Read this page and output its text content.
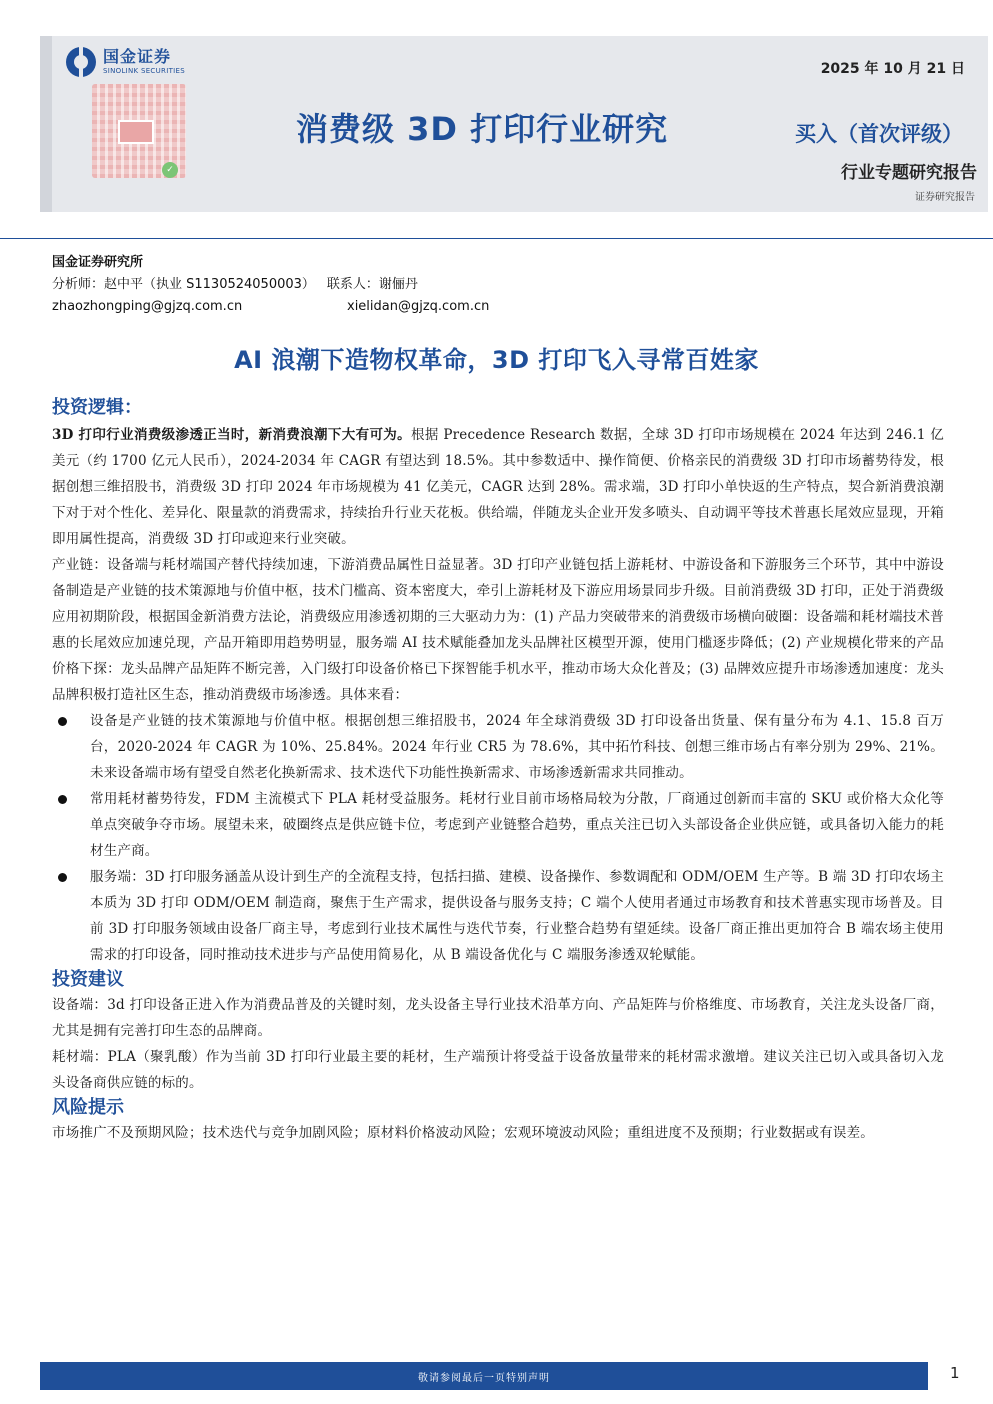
国金证券
SINOLINK SECURITIES
✓
2025 年 10 月 21 日
消费级 3D 打印行业研究	买入（首次评级）
行业专题研究报告
证券研究报告
国金证券研究所
分析师：赵中平（执业 S1130524050003） 联系人：谢俪丹
zhaozhongping@gjzq.com.cn	xielidan@gjzq.com.cn
AI 浪潮下造物权革命，3D 打印飞入寻常百姓家
投资逻辑：

3D 打印行业消费级渗透正当时，新消费浪潮下大有可为。根据 Precedence Research 数据，全球 3D 打印市场规模在 2024 年达到 246.1 亿美元（约 1700 亿元人民币），2024-2034 年 CAGR 有望达到 18.5%。其中参数适中、操作简便、价格亲民的消费级 3D 打印市场蓄势待发，根据创想三维招股书，消费级 3D 打印 2024 年市场规模为 41 亿美元，CAGR 达到 28%。需求端，3D 打印小单快返的生产特点，契合新消费浪潮下对于对个性化、差异化、限量款的消费需求，持续抬升行业天花板。供给端，伴随龙头企业开发多喷头、自动调平等技术普惠长尾效应显现，开箱即用属性提高，消费级 3D 打印或迎来行业突破。

产业链：设备端与耗材端国产替代持续加速，下游消费品属性日益显著。3D 打印产业链包括上游耗材、中游设备和下游服务三个环节，其中中游设备制造是产业链的技术策源地与价值中枢，技术门槛高、资本密度大，牵引上游耗材及下游应用场景同步升级。目前消费级 3D 打印，正处于消费级应用初期阶段，根据国金新消费方法论，消费级应用渗透初期的三大驱动力为：(1) 产品力突破带来的消费级市场横向破圈：设备端和耗材端技术普惠的长尾效应加速兑现，产品开箱即用趋势明显，服务端 AI 技术赋能叠加龙头品牌社区模型开源，使用门槛逐步降低；(2) 产业规模化带来的产品价格下探：龙头品牌产品矩阵不断完善，入门级打印设备价格已下探智能手机水平，推动市场大众化普及；(3) 品牌效应提升市场渗透加速度：龙头品牌积极打造社区生态，推动消费级市场渗透。具体来看：

设备是产业链的技术策源地与价值中枢。根据创想三维招股书，2024 年全球消费级 3D 打印设备出货量、保有量分布为 4.1、15.8 百万台，2020-2024 年 CAGR 为 10%、25.84%。2024 年行业 CR5 为 78.6%，其中拓竹科技、创想三维市场占有率分别为 29%、21%。未来设备端市场有望受自然老化换新需求、技术迭代下功能性换新需求、市场渗透新需求共同推动。
常用耗材蓄势待发，FDM 主流模式下 PLA 耗材受益服务。耗材行业目前市场格局较为分散，厂商通过创新而丰富的 SKU 或价格大众化等单点突破争夺市场。展望未来，破圈终点是供应链卡位，考虑到产业链整合趋势，重点关注已切入头部设备企业供应链，或具备切入能力的耗材生产商。
服务端：3D 打印服务涵盖从设计到生产的全流程支持，包括扫描、建模、设备操作、参数调配和 ODM/OEM 生产等。B 端 3D 打印农场主本质为 3D 打印 ODM/OEM 制造商，聚焦于生产需求，提供设备与服务支持；C 端个人使用者通过市场教育和技术普惠实现市场普及。目前 3D 打印服务领域由设备厂商主导，考虑到行业技术属性与迭代节奏，行业整合趋势有望延续。设备厂商正推出更加符合 B 端农场主使用需求的打印设备，同时推动技术进步与产品使用简易化，从 B 端设备优化与 C 端服务渗透双轮赋能。
投资建议

设备端：3d 打印设备正进入作为消费品普及的关键时刻，龙头设备主导行业技术沿革方向、产品矩阵与价格维度、市场教育，关注龙头设备厂商，尤其是拥有完善打印生态的品牌商。

耗材端：PLA（聚乳酸）作为当前 3D 打印行业最主要的耗材，生产端预计将受益于设备放量带来的耗材需求激增。建议关注已切入或具备切入龙头设备商供应链的标的。

风险提示

市场推广不及预期风险；技术迭代与竞争加剧风险；原材料价格波动风险；宏观环境波动风险；重组进度不及预期；行业数据或有误差。

敬请参阅最后一页特别声明	1
